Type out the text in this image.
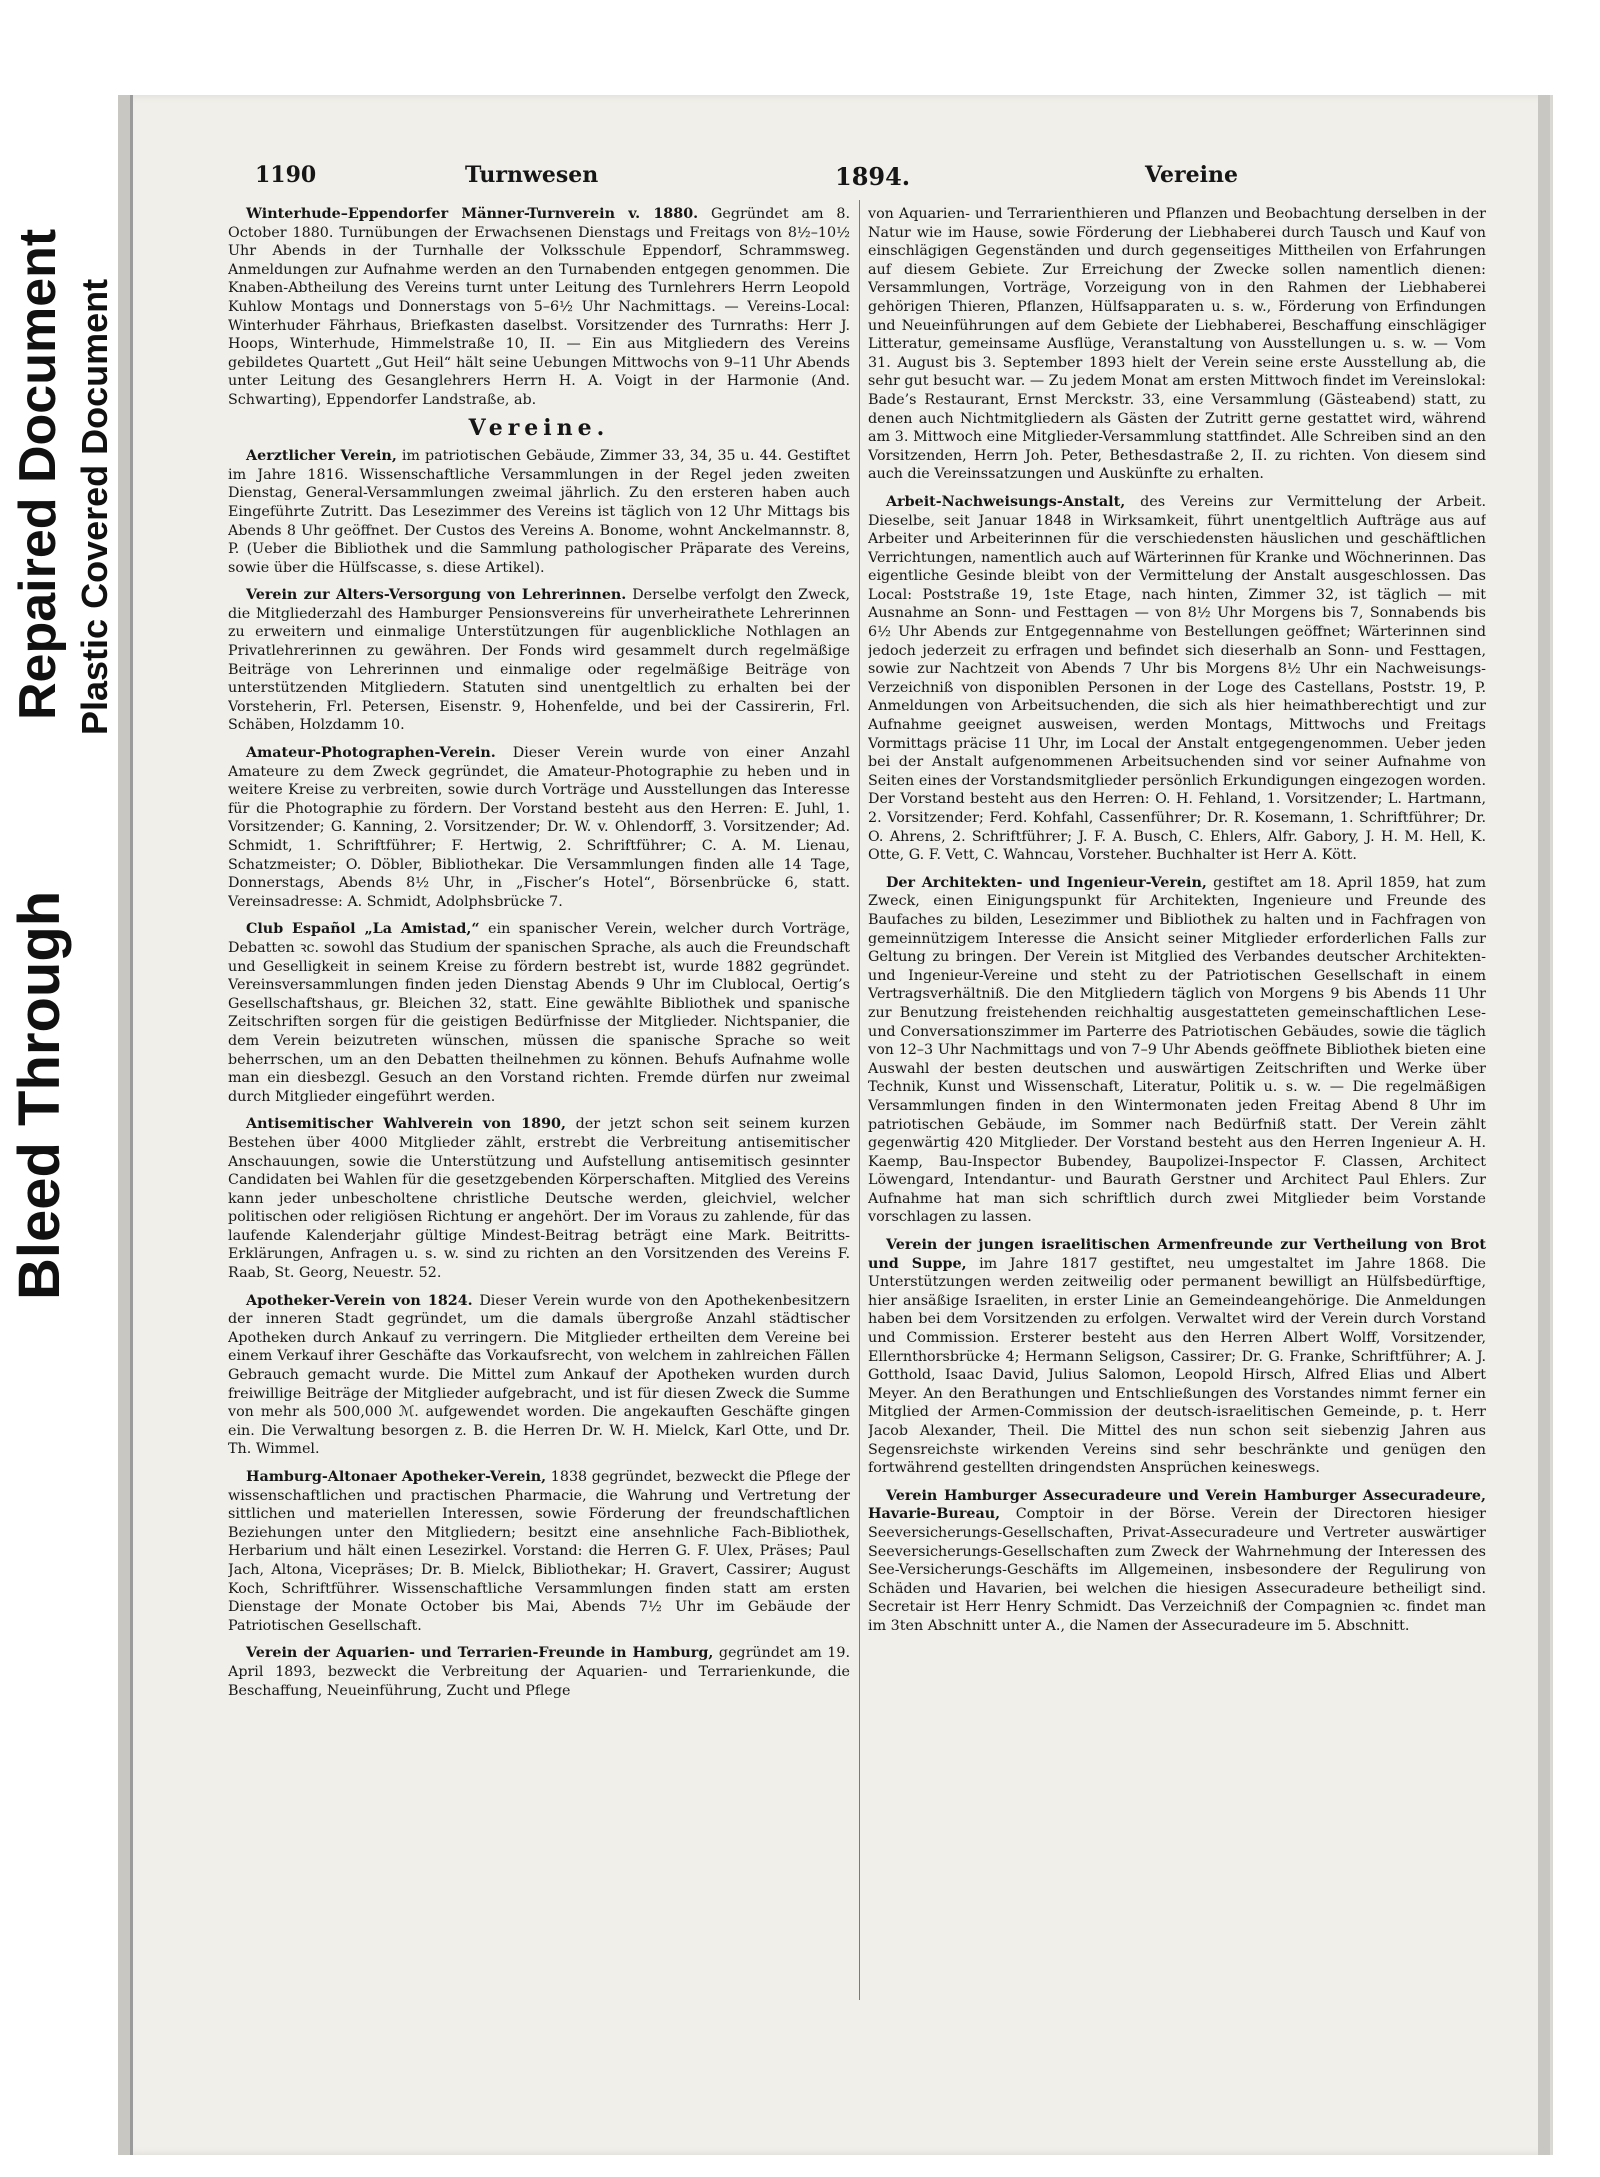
Bleed Through
Repaired Document Plastic Covered Document
1190	Turnwesen	1894.	Vereine

Winterhude–Eppendorfer Männer-Turnverein v. 1880. Gegründet am 8. October 1880. Turnübungen der Erwachsenen Dienstags und Freitags von 8½–10½ Uhr Abends in der Turnhalle der Volksschule Eppendorf, Schrammsweg. Anmeldungen zur Aufnahme werden an den Turnabenden entgegen genommen. Die Knaben-Abtheilung des Vereins turnt unter Leitung des Turnlehrers Herrn Leopold Kuhlow Montags und Donnerstags von 5–6½ Uhr Nachmittags. — Vereins-Local: Winterhuder Fährhaus, Briefkasten daselbst. Vorsitzender des Turnraths: Herr J. Hoops, Winterhude, Himmelstraße 10, II. — Ein aus Mitgliedern des Vereins gebildetes Quartett „Gut Heil“ hält seine Uebungen Mittwochs von 9–11 Uhr Abends unter Leitung des Gesanglehrers Herrn H. A. Voigt in der Harmonie (And. Schwarting), Eppendorfer Landstraße, ab.

Vereine.

Aerztlicher Verein, im patriotischen Gebäude, Zimmer 33, 34, 35 u. 44. Gestiftet im Jahre 1816. Wissenschaftliche Versammlungen in der Regel jeden zweiten Dienstag, General-Versammlungen zweimal jährlich. Zu den ersteren haben auch Eingeführte Zutritt. Das Lesezimmer des Vereins ist täglich von 12 Uhr Mittags bis Abends 8 Uhr geöffnet. Der Custos des Vereins A. Bonome, wohnt Anckelmannstr. 8, P. (Ueber die Bibliothek und die Sammlung pathologischer Präparate des Vereins, sowie über die Hülfscasse, s. diese Artikel).

Verein zur Alters-Versorgung von Lehrerinnen. Derselbe verfolgt den Zweck, die Mitgliederzahl des Hamburger Pensionsvereins für unverheirathete Lehrerinnen zu erweitern und einmalige Unterstützungen für augenblickliche Nothlagen an Privatlehrerinnen zu gewähren. Der Fonds wird gesammelt durch regelmäßige Beiträge von Lehrerinnen und einmalige oder regelmäßige Beiträge von unterstützenden Mitgliedern. Statuten sind unentgeltlich zu erhalten bei der Vorsteherin, Frl. Petersen, Eisenstr. 9, Hohenfelde, und bei der Cassirerin, Frl. Schäben, Holzdamm 10.

Amateur-Photographen-Verein. Dieser Verein wurde von einer Anzahl Amateure zu dem Zweck gegründet, die Amateur-Photographie zu heben und in weitere Kreise zu verbreiten, sowie durch Vorträge und Ausstellungen das Interesse für die Photographie zu fördern. Der Vorstand besteht aus den Herren: E. Juhl, 1. Vorsitzender; G. Kanning, 2. Vorsitzender; Dr. W. v. Ohlendorff, 3. Vorsitzender; Ad. Schmidt, 1. Schriftführer; F. Hertwig, 2. Schriftführer; C. A. M. Lienau, Schatzmeister; O. Döbler, Bibliothekar. Die Versammlungen finden alle 14 Tage, Donnerstags, Abends 8½ Uhr, in „Fischer’s Hotel“, Börsenbrücke 6, statt. Vereinsadresse: A. Schmidt, Adolphsbrücke 7.

Club Español „La Amistad,“ ein spanischer Verein, welcher durch Vorträge, Debatten ꝛc. sowohl das Studium der spanischen Sprache, als auch die Freundschaft und Geselligkeit in seinem Kreise zu fördern bestrebt ist, wurde 1882 gegründet. Vereinsversammlungen finden jeden Dienstag Abends 9 Uhr im Clublocal, Oertig’s Gesellschaftshaus, gr. Bleichen 32, statt. Eine gewählte Bibliothek und spanische Zeitschriften sorgen für die geistigen Bedürfnisse der Mitglieder. Nichtspanier, die dem Verein beizutreten wünschen, müssen die spanische Sprache so weit beherrschen, um an den Debatten theilnehmen zu können. Behufs Aufnahme wolle man ein diesbezgl. Gesuch an den Vorstand richten. Fremde dürfen nur zweimal durch Mitglieder eingeführt werden.

Antisemitischer Wahlverein von 1890, der jetzt schon seit seinem kurzen Bestehen über 4000 Mitglieder zählt, erstrebt die Verbreitung antisemitischer Anschauungen, sowie die Unterstützung und Aufstellung antisemitisch gesinnter Candidaten bei Wahlen für die gesetzgebenden Körperschaften. Mitglied des Vereins kann jeder unbescholtene christliche Deutsche werden, gleichviel, welcher politischen oder religiösen Richtung er angehört. Der im Voraus zu zahlende, für das laufende Kalenderjahr gültige Mindest-Beitrag beträgt eine Mark. Beitritts-Erklärungen, Anfragen u. s. w. sind zu richten an den Vorsitzenden des Vereins F. Raab, St. Georg, Neuestr. 52.

Apotheker-Verein von 1824. Dieser Verein wurde von den Apothekenbesitzern der inneren Stadt gegründet, um die damals übergroße Anzahl städtischer Apotheken durch Ankauf zu verringern. Die Mitglieder ertheilten dem Vereine bei einem Verkauf ihrer Geschäfte das Vorkaufsrecht, von welchem in zahlreichen Fällen Gebrauch gemacht wurde. Die Mittel zum Ankauf der Apotheken wurden durch freiwillige Beiträge der Mitglieder aufgebracht, und ist für diesen Zweck die Summe von mehr als 500,000 ℳ. aufgewendet worden. Die angekauften Geschäfte gingen ein. Die Verwaltung besorgen z. B. die Herren Dr. W. H. Mielck, Karl Otte, und Dr. Th. Wimmel.

Hamburg-Altonaer Apotheker-Verein, 1838 gegründet, bezweckt die Pflege der wissenschaftlichen und practischen Pharmacie, die Wahrung und Vertretung der sittlichen und materiellen Interessen, sowie Förderung der freundschaftlichen Beziehungen unter den Mitgliedern; besitzt eine ansehnliche Fach-Bibliothek, Herbarium und hält einen Lesezirkel. Vorstand: die Herren G. F. Ulex, Präses; Paul Jach, Altona, Vicepräses; Dr. B. Mielck, Bibliothekar; H. Gravert, Cassirer; August Koch, Schriftführer. Wissenschaftliche Versammlungen finden statt am ersten Dienstage der Monate October bis Mai, Abends 7½ Uhr im Gebäude der Patriotischen Gesellschaft.

Verein der Aquarien- und Terrarien-Freunde in Hamburg, gegründet am 19. April 1893, bezweckt die Verbreitung der Aquarien- und Terrarienkunde, die Beschaffung, Neueinführung, Zucht und Pflege

von Aquarien- und Terrarienthieren und Pflanzen und Beobachtung derselben in der Natur wie im Hause, sowie Förderung der Liebhaberei durch Tausch und Kauf von einschlägigen Gegenständen und durch gegenseitiges Mittheilen von Erfahrungen auf diesem Gebiete. Zur Erreichung der Zwecke sollen namentlich dienen: Versammlungen, Vorträge, Vorzeigung von in den Rahmen der Liebhaberei gehörigen Thieren, Pflanzen, Hülfsapparaten u. s. w., Förderung von Erfindungen und Neueinführungen auf dem Gebiete der Liebhaberei, Beschaffung einschlägiger Litteratur, gemeinsame Ausflüge, Veranstaltung von Ausstellungen u. s. w. — Vom 31. August bis 3. September 1893 hielt der Verein seine erste Ausstellung ab, die sehr gut besucht war. — Zu jedem Monat am ersten Mittwoch findet im Vereinslokal: Bade’s Restaurant, Ernst Merckstr. 33, eine Versammlung (Gästeabend) statt, zu denen auch Nichtmitgliedern als Gästen der Zutritt gerne gestattet wird, während am 3. Mittwoch eine Mitglieder-Versammlung stattfindet. Alle Schreiben sind an den Vorsitzenden, Herrn Joh. Peter, Bethesdastraße 2, II. zu richten. Von diesem sind auch die Vereinssatzungen und Auskünfte zu erhalten.

Arbeit-Nachweisungs-Anstalt, des Vereins zur Vermittelung der Arbeit. Dieselbe, seit Januar 1848 in Wirksamkeit, führt unentgeltlich Aufträge aus auf Arbeiter und Arbeiterinnen für die verschiedensten häuslichen und geschäftlichen Verrichtungen, namentlich auch auf Wärterinnen für Kranke und Wöchnerinnen. Das eigentliche Gesinde bleibt von der Vermittelung der Anstalt ausgeschlossen. Das Local: Poststraße 19, 1ste Etage, nach hinten, Zimmer 32, ist täglich — mit Ausnahme an Sonn- und Festtagen — von 8½ Uhr Morgens bis 7, Sonnabends bis 6½ Uhr Abends zur Entgegennahme von Bestellungen geöffnet; Wärterinnen sind jedoch jederzeit zu erfragen und befindet sich dieserhalb an Sonn- und Festtagen, sowie zur Nachtzeit von Abends 7 Uhr bis Morgens 8½ Uhr ein Nachweisungs-Verzeichniß von disponiblen Personen in der Loge des Castellans, Poststr. 19, P. Anmeldungen von Arbeitsuchenden, die sich als hier heimathberechtigt und zur Aufnahme geeignet ausweisen, werden Montags, Mittwochs und Freitags Vormittags präcise 11 Uhr, im Local der Anstalt entgegengenommen. Ueber jeden bei der Anstalt aufgenommenen Arbeitsuchenden sind vor seiner Aufnahme von Seiten eines der Vorstandsmitglieder persönlich Erkundigungen eingezogen worden. Der Vorstand besteht aus den Herren: O. H. Fehland, 1. Vorsitzender; L. Hartmann, 2. Vorsitzender; Ferd. Kohfahl, Cassenführer; Dr. R. Kosemann, 1. Schriftführer; Dr. O. Ahrens, 2. Schriftführer; J. F. A. Busch, C. Ehlers, Alfr. Gabory, J. H. M. Hell, K. Otte, G. F. Vett, C. Wahncau, Vorsteher. Buchhalter ist Herr A. Kött.

Der Architekten- und Ingenieur-Verein, gestiftet am 18. April 1859, hat zum Zweck, einen Einigungspunkt für Architekten, Ingenieure und Freunde des Baufaches zu bilden, Lesezimmer und Bibliothek zu halten und in Fachfragen von gemeinnützigem Interesse die Ansicht seiner Mitglieder erforderlichen Falls zur Geltung zu bringen. Der Verein ist Mitglied des Verbandes deutscher Architekten- und Ingenieur-Vereine und steht zu der Patriotischen Gesellschaft in einem Vertragsverhältniß. Die den Mitgliedern täglich von Morgens 9 bis Abends 11 Uhr zur Benutzung freistehenden reichhaltig ausgestatteten gemeinschaftlichen Lese- und Conversationszimmer im Parterre des Patriotischen Gebäudes, sowie die täglich von 12–3 Uhr Nachmittags und von 7–9 Uhr Abends geöffnete Bibliothek bieten eine Auswahl der besten deutschen und auswärtigen Zeitschriften und Werke über Technik, Kunst und Wissenschaft, Literatur, Politik u. s. w. — Die regelmäßigen Versammlungen finden in den Wintermonaten jeden Freitag Abend 8 Uhr im patriotischen Gebäude, im Sommer nach Bedürfniß statt. Der Verein zählt gegenwärtig 420 Mitglieder. Der Vorstand besteht aus den Herren Ingenieur A. H. Kaemp, Bau-Inspector Bubendey, Baupolizei-Inspector F. Classen, Architect Löwengard, Intendantur- und Baurath Gerstner und Architect Paul Ehlers. Zur Aufnahme hat man sich schriftlich durch zwei Mitglieder beim Vorstande vorschlagen zu lassen.

Verein der jungen israelitischen Armenfreunde zur Vertheilung von Brot und Suppe, im Jahre 1817 gestiftet, neu umgestaltet im Jahre 1868. Die Unterstützungen werden zeitweilig oder permanent bewilligt an Hülfsbedürftige, hier ansäßige Israeliten, in erster Linie an Gemeindeangehörige. Die Anmeldungen haben bei dem Vorsitzenden zu erfolgen. Verwaltet wird der Verein durch Vorstand und Commission. Ersterer besteht aus den Herren Albert Wolff, Vorsitzender, Ellernthorsbrücke 4; Hermann Seligson, Cassirer; Dr. G. Franke, Schriftführer; A. J. Gotthold, Isaac David, Julius Salomon, Leopold Hirsch, Alfred Elias und Albert Meyer. An den Berathungen und Entschließungen des Vorstandes nimmt ferner ein Mitglied der Armen-Commission der deutsch-israelitischen Gemeinde, p. t. Herr Jacob Alexander, Theil. Die Mittel des nun schon seit siebenzig Jahren aus Segensreichste wirkenden Vereins sind sehr beschränkte und genügen den fortwährend gestellten dringendsten Ansprüchen keineswegs.

Verein Hamburger Assecuradeure und Verein Hamburger Assecuradeure, Havarie-Bureau, Comptoir in der Börse. Verein der Directoren hiesiger Seeversicherungs-Gesellschaften, Privat-Assecuradeure und Vertreter auswärtiger Seeversicherungs-Gesellschaften zum Zweck der Wahrnehmung der Interessen des See-Versicherungs-Geschäfts im Allgemeinen, insbesondere der Regulirung von Schäden und Havarien, bei welchen die hiesigen Assecuradeure betheiligt sind. Secretair ist Herr Henry Schmidt. Das Verzeichniß der Compagnien ꝛc. findet man im 3ten Abschnitt unter A., die Namen der Assecuradeure im 5. Abschnitt.
